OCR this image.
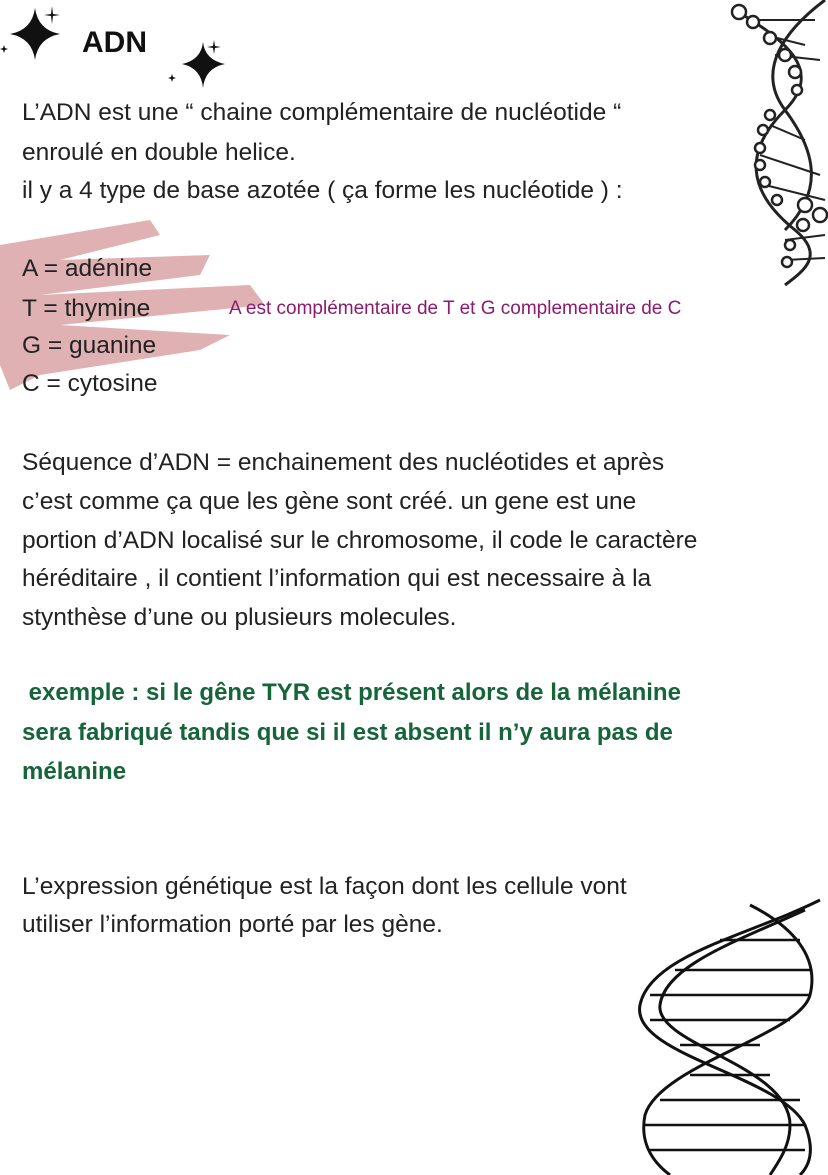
ADN
L’ADN est une “ chaine complémentaire de nucléotide “
enroulé en double helice.
il y a 4 type de base azotée ( ça forme les nucléotide ) :
A = adénine
T = thymine
G = guanine
C = cytosine
A est complémentaire de T et G complementaire de C
Séquence d’ADN = enchainement des nucléotides et après
c’est comme ça que les gène sont créé. un gene est une
portion d’ADN localisé sur le chromosome, il code le caractère
héréditaire , il contient l’information qui est necessaire à la
stynthèse d’une ou plusieurs molecules.
exemple : si le gêne TYR est présent alors de la mélanine
sera fabriqué tandis que si il est absent il n’y aura pas de
mélanine
L’expression génétique est la façon dont les cellule vont
utiliser l’information porté par les gène.
